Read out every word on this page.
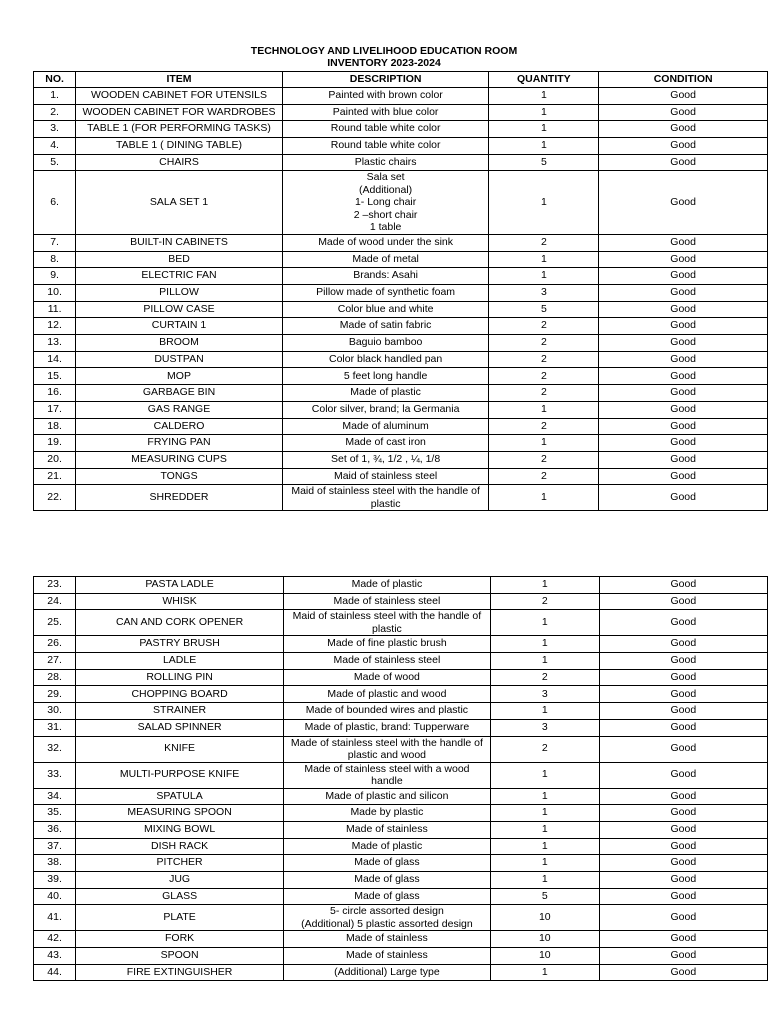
TECHNOLOGY AND LIVELIHOOD EDUCATION ROOM
INVENTORY 2023-2024
NO.	ITEM	DESCRIPTION	QUANTITY	CONDITION
1.	WOODEN CABINET FOR UTENSILS	Painted with brown color	1	Good
2.	WOODEN CABINET FOR WARDROBES	Painted with blue color	1	Good
3.	TABLE 1 (FOR PERFORMING TASKS)	Round table white color	1	Good
4.	TABLE 1 ( DINING TABLE)	Round table white color	1	Good
5.	CHAIRS	Plastic chairs	5	Good
6.	SALA SET 1	Sala set
(Additional)
1- Long chair
2 –short chair
1 table	1	Good
7.	BUILT-IN CABINETS	Made of wood under the sink	2	Good
8.	BED	Made of metal	1	Good
9.	ELECTRIC FAN	Brands: Asahi	1	Good
10.	PILLOW	Pillow made of synthetic foam	3	Good
11.	PILLOW CASE	Color blue and white	5	Good
12.	CURTAIN 1	Made of satin fabric	2	Good
13.	BROOM	Baguio bamboo	2	Good
14.	DUSTPAN	Color black handled pan	2	Good
15.	MOP	5 feet long handle	2	Good
16.	GARBAGE BIN	Made of plastic	2	Good
17.	GAS RANGE	Color silver, brand; la Germania	1	Good
18.	CALDERO	Made of aluminum	2	Good
19.	FRYING PAN	Made of cast iron	1	Good
20.	MEASURING CUPS	Set of 1, ¾, 1/2 , ¼, 1/8	2	Good
21.	TONGS	Maid of stainless steel	2	Good
22.	SHREDDER	Maid of stainless steel with the handle of
plastic	1	Good
23.	PASTA LADLE	Made of plastic	1	Good
24.	WHISK	Made of stainless steel	2	Good
25.	CAN AND CORK OPENER	Maid of stainless steel with the handle of
plastic	1	Good
26.	PASTRY BRUSH	Made of fine plastic brush	1	Good
27.	LADLE	Made of stainless steel	1	Good
28.	ROLLING PIN	Made of wood	2	Good
29.	CHOPPING BOARD	Made of plastic and wood	3	Good
30.	STRAINER	Made of bounded wires and plastic	1	Good
31.	SALAD SPINNER	Made of plastic, brand: Tupperware	3	Good
32.	KNIFE	Made of stainless steel with the handle of
plastic and wood	2	Good
33.	MULTI-PURPOSE KNIFE	Made of stainless steel with a wood
handle	1	Good
34.	SPATULA	Made of plastic and silicon	1	Good
35.	MEASURING SPOON	Made by plastic	1	Good
36.	MIXING BOWL	Made of stainless	1	Good
37.	DISH RACK	Made of plastic	1	Good
38.	PITCHER	Made of glass	1	Good
39.	JUG	Made of glass	1	Good
40.	GLASS	Made of glass	5	Good
41.	PLATE	5- circle assorted design
(Additional) 5 plastic assorted design	10	Good
42.	FORK	Made of stainless	10	Good
43.	SPOON	Made of stainless	10	Good
44.	FIRE EXTINGUISHER	(Additional) Large type	1	Good
